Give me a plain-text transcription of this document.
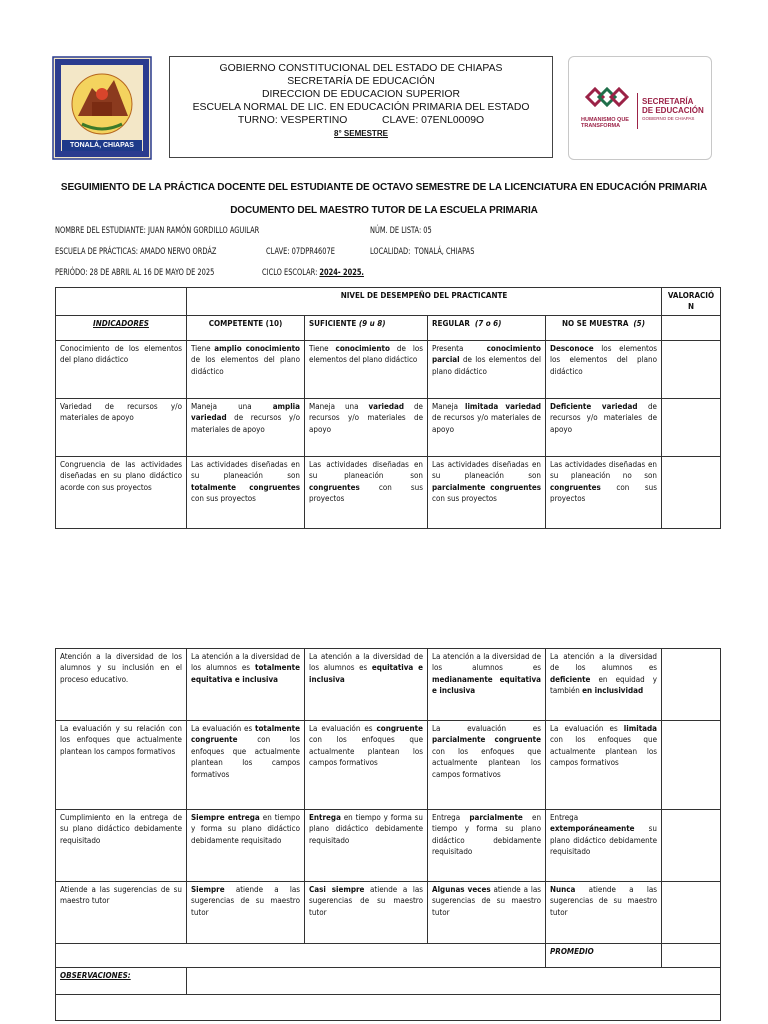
TONALÁ, CHIAPAS
GOBIERNO CONSTITUCIONAL DEL ESTADO DE CHIAPAS
SECRETARÍA DE EDUCACIÓN
DIRECCION DE EDUCACION SUPERIOR
ESCUELA NORMAL DE LIC. EN EDUCACIÓN PRIMARIA DEL ESTADO
TURNO: VESPERTINO            CLAVE: 07ENL0009O
8° SEMESTRE
HUMANISMO QUE
TRANSFORMA
SECRETARÍA
DE EDUCACIÓN
GOBIERNO DE CHIAPAS
SEGUIMIENTO DE LA PRÁCTICA DOCENTE DEL ESTUDIANTE DE OCTAVO SEMESTRE DE LA LICENCIATURA EN EDUCACIÓN PRIMARIA
DOCUMENTO DEL MAESTRO TUTOR DE LA ESCUELA PRIMARIA
NOMBRE DEL ESTUDIANTE: JUAN RAMÓN GORDILLO AGUILAR	NÚM. DE LISTA: 05
ESCUELA DE PRÁCTICAS: AMADO NERVO ORDÁZ	CLAVE: 07DPR4607E	LOCALIDAD:  TONALÁ, CHIAPAS
PERIÓDO: 28 DE ABRIL AL 16 DE MAYO DE 2025	CICLO ESCOLAR: 2024- 2025.
	NIVEL DE DESEMPEÑO DEL PRACTICANTE				VALORACIÓN
INDICADORES	COMPETENTE (10)	SUFICIENTE (9 u 8)	REGULAR  (7 o 6)	NO SE MUESTRA  (5)	
Conocimiento de los elementos del plano didáctico	Tiene amplio conocimiento de los elementos del plano didáctico	Tiene conocimiento de los elementos del plano didáctico	Presenta conocimiento parcial de los elementos del plano didáctico	Desconoce los elementos los elementos del plano didáctico	
Variedad de recursos y/o materiales de apoyo	Maneja una amplia variedad de recursos y/o materiales de apoyo	Maneja una variedad de recursos y/o materiales de apoyo	Maneja limitada variedad de recursos y/o materiales de apoyo	Deficiente variedad de recursos y/o materiales de apoyo	
Congruencia de las actividades diseñadas en su plano didáctico acorde con sus proyectos	Las actividades diseñadas en su planeación son totalmente congruentes con sus proyectos	Las actividades diseñadas en su planeación son congruentes con sus proyectos	Las actividades diseñadas en su planeación son parcialmente congruentes con sus proyectos	Las actividades diseñadas en su planeación no son congruentes con sus proyectos	
Atención a la diversidad de los alumnos y su inclusión en el proceso educativo.	La atención a la diversidad de los alumnos es totalmente equitativa e inclusiva	La atención a la diversidad de los alumnos es equitativa e inclusiva	La atención a la diversidad de los alumnos es medianamente equitativa e inclusiva	La atención a la diversidad de los alumnos es deficiente en equidad y también en inclusividad	
La evaluación y su relación con los enfoques que actualmente plantean los campos formativos	La evaluación es totalmente congruente con los enfoques que actualmente plantean los campos formativos	La evaluación es congruente con los enfoques que actualmente plantean los campos formativos	La evaluación es parcialmente congruente con los enfoques que actualmente plantean los campos formativos	La evaluación es limitada con los enfoques que actualmente plantean los campos formativos	
Cumplimiento en la entrega de su plano didáctico debidamente requisitado	Siempre entrega en tiempo y forma su plano didáctico debidamente requisitado	Entrega en tiempo y forma su plano didáctico debidamente requisitado	Entrega parcialmente en tiempo y forma su plano didáctico debidamente requisitado	Entrega extemporáneamente su plano didáctico debidamente requisitado	
Atiende a las sugerencias de su maestro tutor	Siempre atiende a las sugerencias de su maestro tutor	Casi siempre atiende a las sugerencias de su maestro tutor	Algunas veces atiende a las sugerencias de su maestro tutor	Nunca atiende a las sugerencias de su maestro tutor	
				PROMEDIO	
OBSERVACIONES:					
